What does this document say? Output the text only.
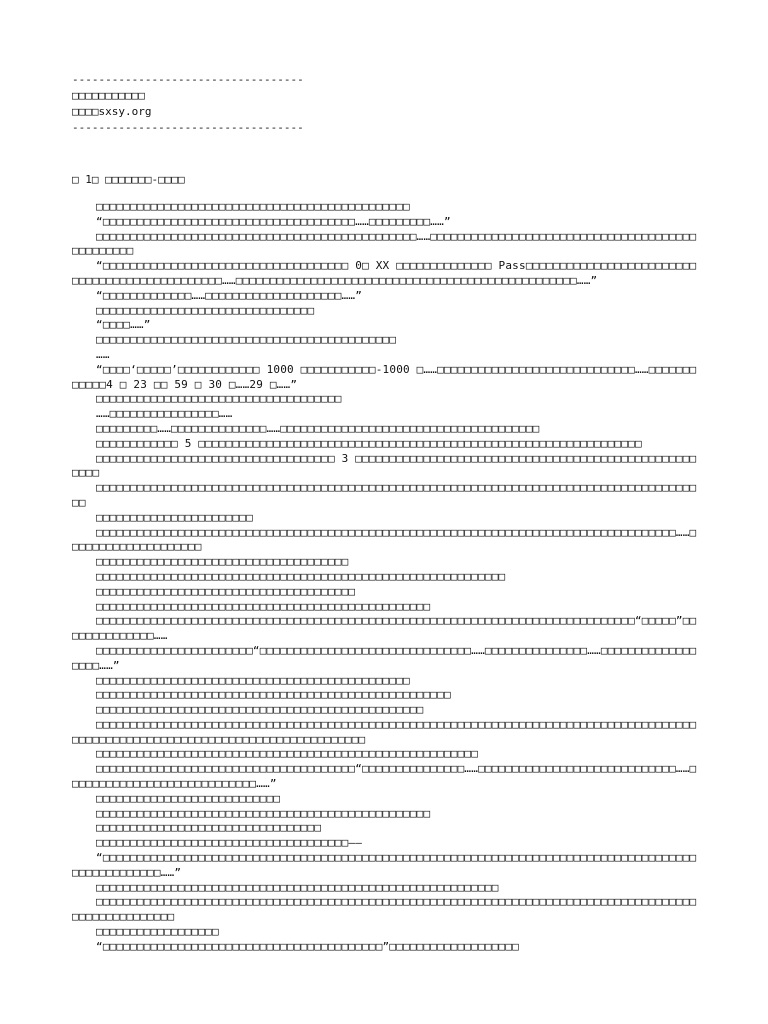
-----------------------------------
□□□□□□□□□□□
□□□□sxsy.org
-----------------------------------
□ 1□ □□□□□□□-□□□□

□□□□□□□□□□□□□□□□□□□□□□□□□□□□□□□□□□□□□□□□□□□□□□

“□□□□□□□□□□□□□□□□□□□□□□□□□□□□□□□□□□□□□……□□□□□□□□□……”

□□□□□□□□□□□□□□□□□□□□□□□□□□□□□□□□□□□□□□□□□□□□□□□……□□□□□□□□□□□□□□□□□□□□□□□□□□□□□□□□□□□□□□□□□□□□□□□□

“□□□□□□□□□□□□□□□□□□□□□□□□□□□□□□□□□□□□ 0□ XX □□□□□□□□□□□□□□ Pass□□□□□□□□□□□□□□□□□□□□□□□□□□□□□□□□□□□□□□□□□□□□□□□……□□□□□□□□□□□□□□□□□□□□□□□□□□□□□□□□□□□□□□□□□□□□□□□□□□……”

“□□□□□□□□□□□□□……□□□□□□□□□□□□□□□□□□□□……”

□□□□□□□□□□□□□□□□□□□□□□□□□□□□□□□□

“□□□□……”

□□□□□□□□□□□□□□□□□□□□□□□□□□□□□□□□□□□□□□□□□□□□

……

“□□□□‘□□□□□’□□□□□□□□□□□□ 1000 □□□□□□□□□□□-1000 □……□□□□□□□□□□□□□□□□□□□□□□□□□□□□□……□□□□□□□□□□□□4 □ 23 □□ 59 □ 30 □……29 □……”

□□□□□□□□□□□□□□□□□□□□□□□□□□□□□□□□□□□□

……□□□□□□□□□□□□□□□□……

□□□□□□□□□……□□□□□□□□□□□□□□……□□□□□□□□□□□□□□□□□□□□□□□□□□□□□□□□□□□□□□

□□□□□□□□□□□□ 5 □□□□□□□□□□□□□□□□□□□□□□□□□□□□□□□□□□□□□□□□□□□□□□□□□□□□□□□□□□□□□□□□□

□□□□□□□□□□□□□□□□□□□□□□□□□□□□□□□□□□□ 3 □□□□□□□□□□□□□□□□□□□□□□□□□□□□□□□□□□□□□□□□□□□□□□□□□□□□□□

□□□□□□□□□□□□□□□□□□□□□□□□□□□□□□□□□□□□□□□□□□□□□□□□□□□□□□□□□□□□□□□□□□□□□□□□□□□□□□□□□□□□□□□□□□

□□□□□□□□□□□□□□□□□□□□□□□

□□□□□□□□□□□□□□□□□□□□□□□□□□□□□□□□□□□□□□□□□□□□□□□□□□□□□□□□□□□□□□□□□□□□□□□□□□□□□□□□□□□□□……□□□□□□□□□□□□□□□□□□□□

□□□□□□□□□□□□□□□□□□□□□□□□□□□□□□□□□□□□□

□□□□□□□□□□□□□□□□□□□□□□□□□□□□□□□□□□□□□□□□□□□□□□□□□□□□□□□□□□□□

□□□□□□□□□□□□□□□□□□□□□□□□□□□□□□□□□□□□□□

□□□□□□□□□□□□□□□□□□□□□□□□□□□□□□□□□□□□□□□□□□□□□□□□□

□□□□□□□□□□□□□□□□□□□□□□□□□□□□□□□□□□□□□□□□□□□□□□□□□□□□□□□□□□□□□□□□□□□□□□□□□□□□□□□“□□□□□”□□□□□□□□□□□□□□……

□□□□□□□□□□□□□□□□□□□□□□□“□□□□□□□□□□□□□□□□□□□□□□□□□□□□□□□……□□□□□□□□□□□□□□□……□□□□□□□□□□□□□□□□□□……”

□□□□□□□□□□□□□□□□□□□□□□□□□□□□□□□□□□□□□□□□□□□□□□

□□□□□□□□□□□□□□□□□□□□□□□□□□□□□□□□□□□□□□□□□□□□□□□□□□□□

□□□□□□□□□□□□□□□□□□□□□□□□□□□□□□□□□□□□□□□□□□□□□□□□

□□□□□□□□□□□□□□□□□□□□□□□□□□□□□□□□□□□□□□□□□□□□□□□□□□□□□□□□□□□□□□□□□□□□□□□□□□□□□□□□□□□□□□□□□□□□□□□□□□□□□□□□□□□□□□□□□□□□□□□□□□□□□□□□□□□

□□□□□□□□□□□□□□□□□□□□□□□□□□□□□□□□□□□□□□□□□□□□□□□□□□□□□□□□

□□□□□□□□□□□□□□□□□□□□□□□□□□□□□□□□□□□□□□“□□□□□□□□□□□□□□□……□□□□□□□□□□□□□□□□□□□□□□□□□□□□□……□□□□□□□□□□□□□□□□□□□□□□□□□□□□……”

□□□□□□□□□□□□□□□□□□□□□□□□□□□

□□□□□□□□□□□□□□□□□□□□□□□□□□□□□□□□□□□□□□□□□□□□□□□□□

□□□□□□□□□□□□□□□□□□□□□□□□□□□□□□□□□

□□□□□□□□□□□□□□□□□□□□□□□□□□□□□□□□□□□□□——

“□□□□□□□□□□□□□□□□□□□□□□□□□□□□□□□□□□□□□□□□□□□□□□□□□□□□□□□□□□□□□□□□□□□□□□□□□□□□□□□□□□□□□□□□□□□□□□□□□□□□……”

□□□□□□□□□□□□□□□□□□□□□□□□□□□□□□□□□□□□□□□□□□□□□□□□□□□□□□□□□□□

□□□□□□□□□□□□□□□□□□□□□□□□□□□□□□□□□□□□□□□□□□□□□□□□□□□□□□□□□□□□□□□□□□□□□□□□□□□□□□□□□□□□□□□□□□□□□□□□□□□□□□□

□□□□□□□□□□□□□□□□□□

“□□□□□□□□□□□□□□□□□□□□□□□□□□□□□□□□□□□□□□□□□”□□□□□□□□□□□□□□□□□□□
